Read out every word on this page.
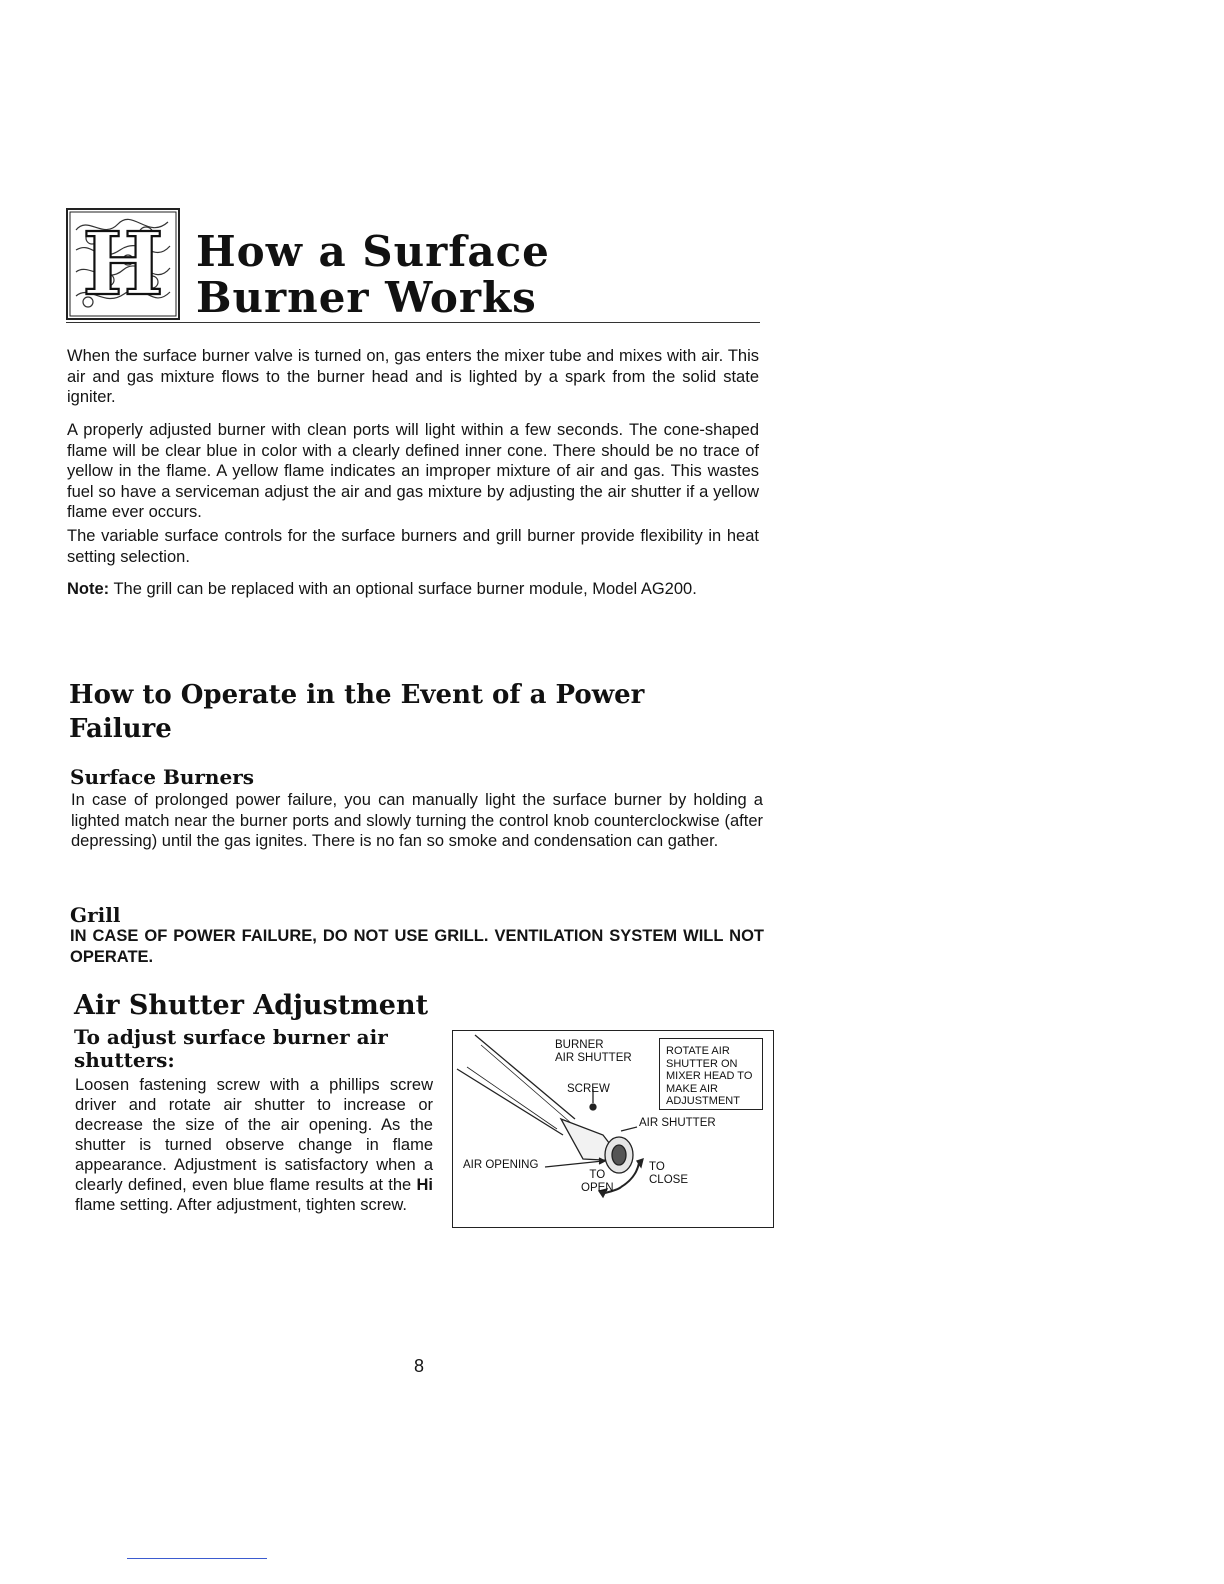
H How a Surface
Burner Works

When the surface burner valve is turned on, gas enters the mixer tube and mixes with air. This air and gas mixture flows to the burner head and is lighted by a spark from the solid state igniter.

A properly adjusted burner with clean ports will light within a few seconds. The cone-shaped flame will be clear blue in color with a clearly defined inner cone. There should be no trace of yellow in the flame. A yellow flame indicates an improper mixture of air and gas. This wastes fuel so have a serviceman adjust the air and gas mixture by adjusting the air shutter if a yellow flame ever occurs.

The variable surface controls for the surface burners and grill burner provide flexibility in heat setting selection.

Note: The grill can be replaced with an optional surface burner module, Model AG200.

How to Operate in the Event of a Power
Failure
Surface Burners

In case of prolonged power failure, you can manually light the surface burner by holding a lighted match near the burner ports and slowly turning the control knob counterclockwise (after depressing) until the gas ignites. There is no fan so smoke and condensation can gather.

Grill

IN CASE OF POWER FAILURE, DO NOT USE GRILL. VENTILATION SYSTEM WILL NOT OPERATE.

Air Shutter Adjustment
To adjust surface burner air shutters:

Loosen fastening screw with a phillips screw driver and rotate air shutter to increase or decrease the size of the air opening. As the shutter is turned observe change in flame appearance. Adjustment is satisfactory when a clearly defined, even blue flame results at the Hi flame setting. After adjustment, tighten screw.

BURNER
AIR SHUTTER
ROTATE AIR
SHUTTER ON
MIXER HEAD TO
MAKE AIR
ADJUSTMENT
SCREW
AIR SHUTTER
AIR OPENING
TO
OPEN
TO
CLOSE
8
